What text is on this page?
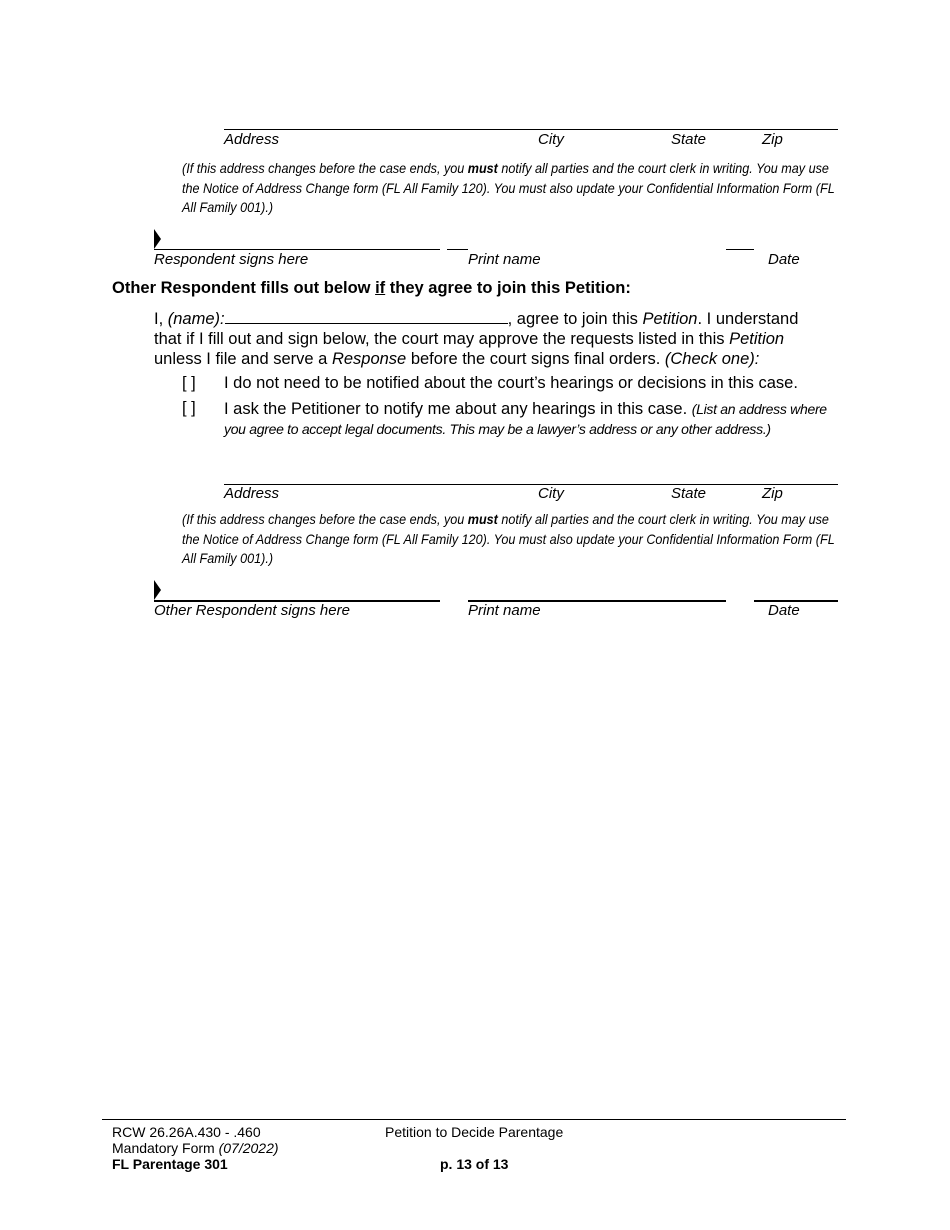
Address	City	State	Zip
(If this address changes before the case ends, you must notify all parties and the court clerk in writing. You may use the Notice of Address Change form (FL All Family 120). You must also update your Confidential Information Form (FL All Family 001).)
Respondent signs here	Print name	Date
Other Respondent fills out below if they agree to join this Petition:
I, (name):	, agree to join this Petition. I understand that if I fill out and sign below, the court may approve the requests listed in this Petition unless I file and serve a Response before the court signs final orders. (Check one):
[ ] I do not need to be notified about the court’s hearings or decisions in this case.
[ ] I ask the Petitioner to notify me about any hearings in this case. (List an address where you agree to accept legal documents. This may be a lawyer’s address or any other address.)
Address	City	State	Zip
(If this address changes before the case ends, you must notify all parties and the court clerk in writing. You may use the Notice of Address Change form (FL All Family 120). You must also update your Confidential Information Form (FL All Family 001).)
Other Respondent signs here	Print name	Date
RCW 26.26A.430 - .460
Mandatory Form (07/2022)
FL Parentage 301
Petition to Decide Parentage
p. 13 of 13
